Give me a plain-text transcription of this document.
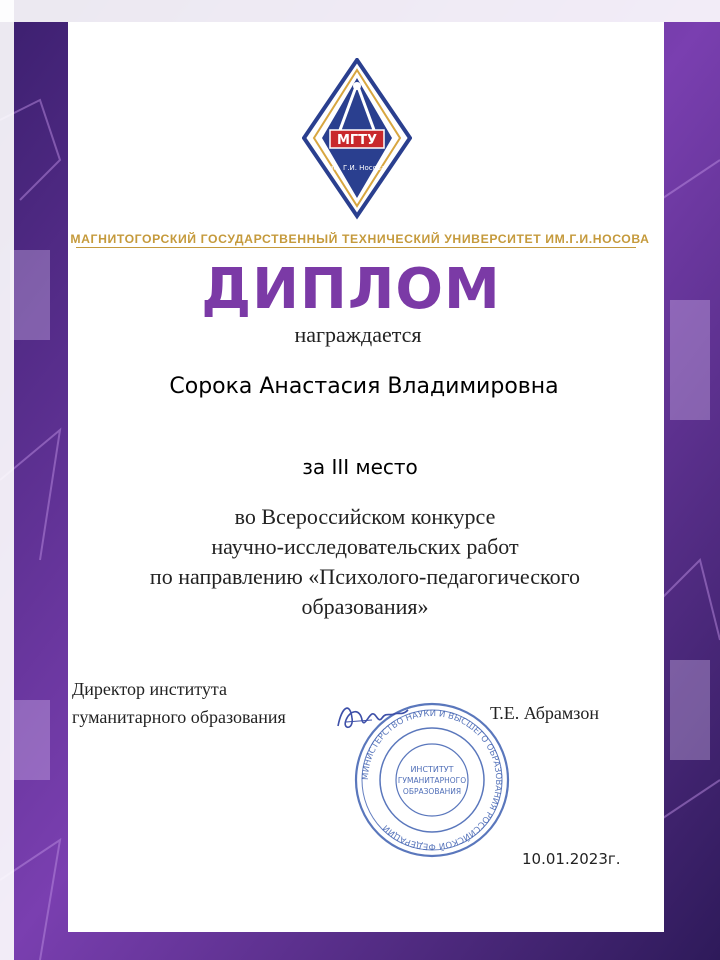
МГТУ
им. Г.И. Носова
МАГНИТОГОРСКИЙ ГОСУДАРСТВЕННЫЙ ТЕХНИЧЕСКИЙ УНИВЕРСИТЕТ ИМ.Г.И.НОСОВА
ДИПЛОМ
награждается
Сорока Анастасия Владимировна
за III место
во Всероссийском конкурсе
научно-исследовательских работ
по направлению «Психолого-педагогического
образования»
Директор института
гуманитарного образования
МИНИСТЕРСТВО НАУКИ И ВЫСШЕГО ОБРАЗОВАНИЯ РОССИЙСКОЙ ФЕДЕРАЦИИ
ИНСТИТУТ
ГУМАНИТАРНОГО
ОБРАЗОВАНИЯ
Т.Е. Абрамзон
10.01.2023г.
